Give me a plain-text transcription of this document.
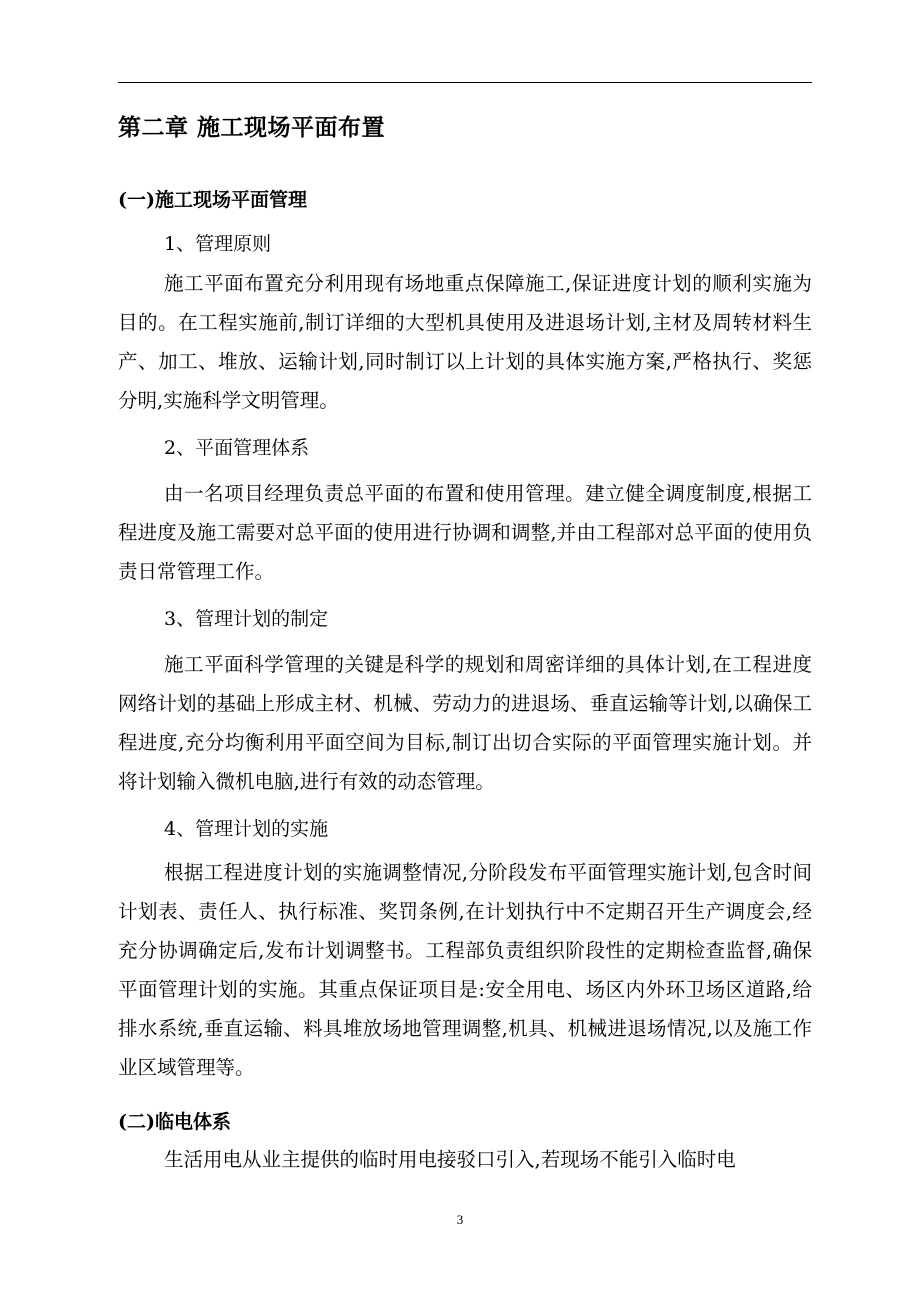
第二章 施工现场平面布置
(一)施工现场平面管理
1、管理原则

施工平面布置充分利用现有场地重点保障施工,保证进度计划的顺利实施为目的。在工程实施前,制订详细的大型机具使用及进退场计划,主材及周转材料生产、加工、堆放、运输计划,同时制订以上计划的具体实施方案,严格执行、奖惩分明,实施科学文明管理。

2、平面管理体系

由一名项目经理负责总平面的布置和使用管理。建立健全调度制度,根据工程进度及施工需要对总平面的使用进行协调和调整,并由工程部对总平面的使用负责日常管理工作。

3、管理计划的制定

施工平面科学管理的关键是科学的规划和周密详细的具体计划,在工程进度网络计划的基础上形成主材、机械、劳动力的进退场、垂直运输等计划,以确保工程进度,充分均衡利用平面空间为目标,制订出切合实际的平面管理实施计划。并将计划输入微机电脑,进行有效的动态管理。

4、管理计划的实施

根据工程进度计划的实施调整情况,分阶段发布平面管理实施计划,包含时间计划表、责任人、执行标准、奖罚条例,在计划执行中不定期召开生产调度会,经充分协调确定后,发布计划调整书。工程部负责组织阶段性的定期检查监督,确保平面管理计划的实施。其重点保证项目是:安全用电、场区内外环卫场区道路,给排水系统,垂直运输、料具堆放场地管理调整,机具、机械进退场情况,以及施工作业区域管理等。

(二)临电体系

生活用电从业主提供的临时用电接驳口引入,若现场不能引入临时电

3
